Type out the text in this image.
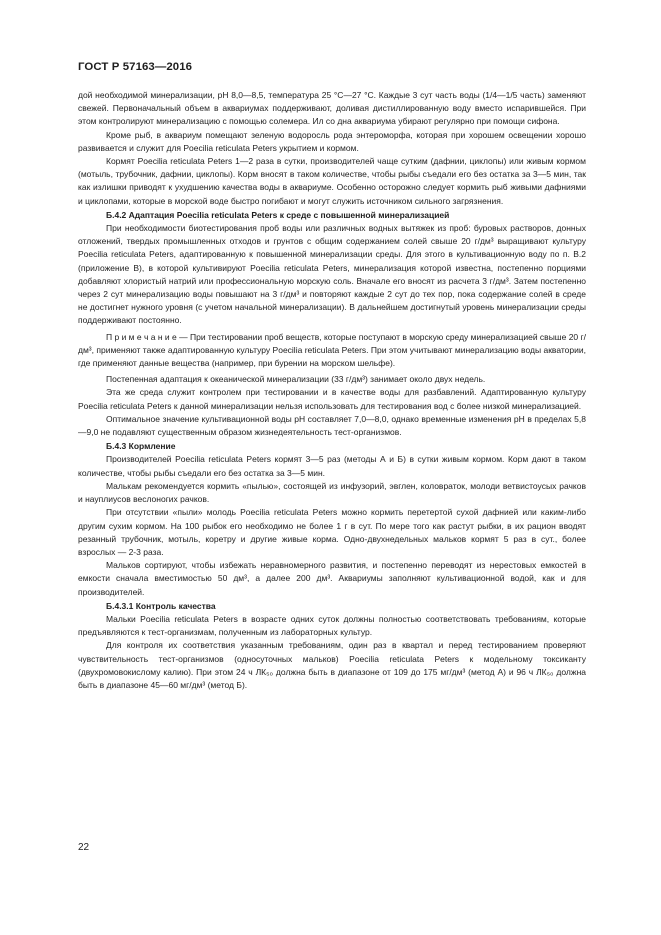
ГОСТ Р 57163—2016

дой необходимой минерализации, pH 8,0—8,5, температура 25 °С—27 °С. Каждые 3 сут часть воды (1/4—1/5 часть) заменяют свежей. Первоначальный объем в аквариумах поддерживают, доливая дистиллированную воду вместо испарившейся. При этом контролируют минерализацию с помощью солемера. Ил со дна аквариума убирают регулярно при помощи сифона.

Кроме рыб, в аквариум помещают зеленую водоросль рода энтероморфа, которая при хорошем освещении хорошо развивается и служит для Poecilia reticulata Peters укрытием и кормом.

Кормят Poecilia reticulata Peters 1—2 раза в сутки, производителей чаще сутким (дафнии, циклопы) или живым кормом (мотыль, трубочник, дафнии, циклопы). Корм вносят в таком количестве, чтобы рыбы съедали его без остатка за 3—5 мин, так как излишки приводят к ухудшению качества воды в аквариуме. Особенно осторожно следует кормить рыб живыми дафниями и циклопами, которые в морской воде быстро погибают и могут служить источником сильного загрязнения.

Б.4.2 Адаптация Poecilia reticulata Peters к среде с повышенной минерализацией

При необходимости биотестирования проб воды или различных водных вытяжек из проб: буровых растворов, донных отложений, твердых промышленных отходов и грунтов с общим содержанием солей свыше 20 г/дм³ выращивают культуру Poecilia reticulata Peters, адаптированную к повышенной минерализации среды. Для этого в культивационную воду по п. В.2 (приложение В), в которой культивируют Poecilia reticulata Peters, минерализация которой известна, постепенно порциями добавляют хлористый натрий или профессиональную морскую соль. Вначале его вносят из расчета 3 г/дм³. Затем постепенно через 2 сут минерализацию воды повышают на 3 г/дм³ и повторяют каждые 2 сут до тех пор, пока содержание солей в среде не достигнет нужного уровня (с учетом начальной минерализации). В дальнейшем достигнутый уровень минерализации среды поддерживают постоянно.

П р и м е ч а н и е — При тестировании проб веществ, которые поступают в морскую среду минерализацией свыше 20 г/дм³, применяют также адаптированную культуру Poecilia reticulata Peters. При этом учитывают минерализацию воды акватории, где применяют данные вещества (например, при бурении на морском шельфе).

Постепенная адаптация к океанической минерализации (33 г/дм³) занимает около двух недель.

Эта же среда служит контролем при тестировании и в качестве воды для разбавлений. Адаптированную культуру Poecilia reticulata Peters к данной минерализации нельзя использовать для тестирования вод с более низкой минерализацией.

Оптимальное значение культивационной воды pH составляет 7,0—8,0, однако временные изменения pH в пределах 5,8—9,0 не подавляют существенным образом жизнедеятельность тест-организмов.

Б.4.3 Кормление

Производителей Poecilia reticulata Peters кормят 3—5 раз (методы А и Б) в сутки живым кормом. Корм дают в таком количестве, чтобы рыбы съедали его без остатка за 3—5 мин.

Малькам рекомендуется кормить «пылью», состоящей из инфузорий, эвглен, коловраток, молоди ветвистоусых рачков и науплиусов веслоногих рачков.

При отсутствии «пыли» молодь Poecilia reticulata Peters можно кормить перетертой сухой дафнией или каким-либо другим сухим кормом. На 100 рыбок его необходимо не более 1 г в сут. По мере того как растут рыбки, в их рацион вводят резанный трубочник, мотыль, коретру и другие живые корма. Одно-двухнедельных мальков кормят 5 раз в сут., более взрослых — 2-3 раза.

Мальков сортируют, чтобы избежать неравномерного развития, и постепенно переводят из нерестовых емкостей в емкости сначала вместимостью 50 дм³, а далее 200 дм³. Аквариумы заполняют культивационной водой, как и для производителей.

Б.4.3.1 Контроль качества

Мальки Poecilia reticulata Peters в возрасте одних суток должны полностью соответствовать требованиям, которые предъявляются к тест-организмам, полученным из лабораторных культур.

Для контроля их соответствия указанным требованиям, один раз в квартал и перед тестированием проверяют чувствительность тест-организмов (односуточных мальков) Poecilia reticulata Peters к модельному токсиканту (двухромовокислому калию). При этом 24 ч ЛК₅₀ должна быть в диапазоне от 109 до 175 мг/дм³ (метод А) и 96 ч ЛК₅₀ должна быть в диапазоне 45—60 мг/дм³ (метод Б).

22
